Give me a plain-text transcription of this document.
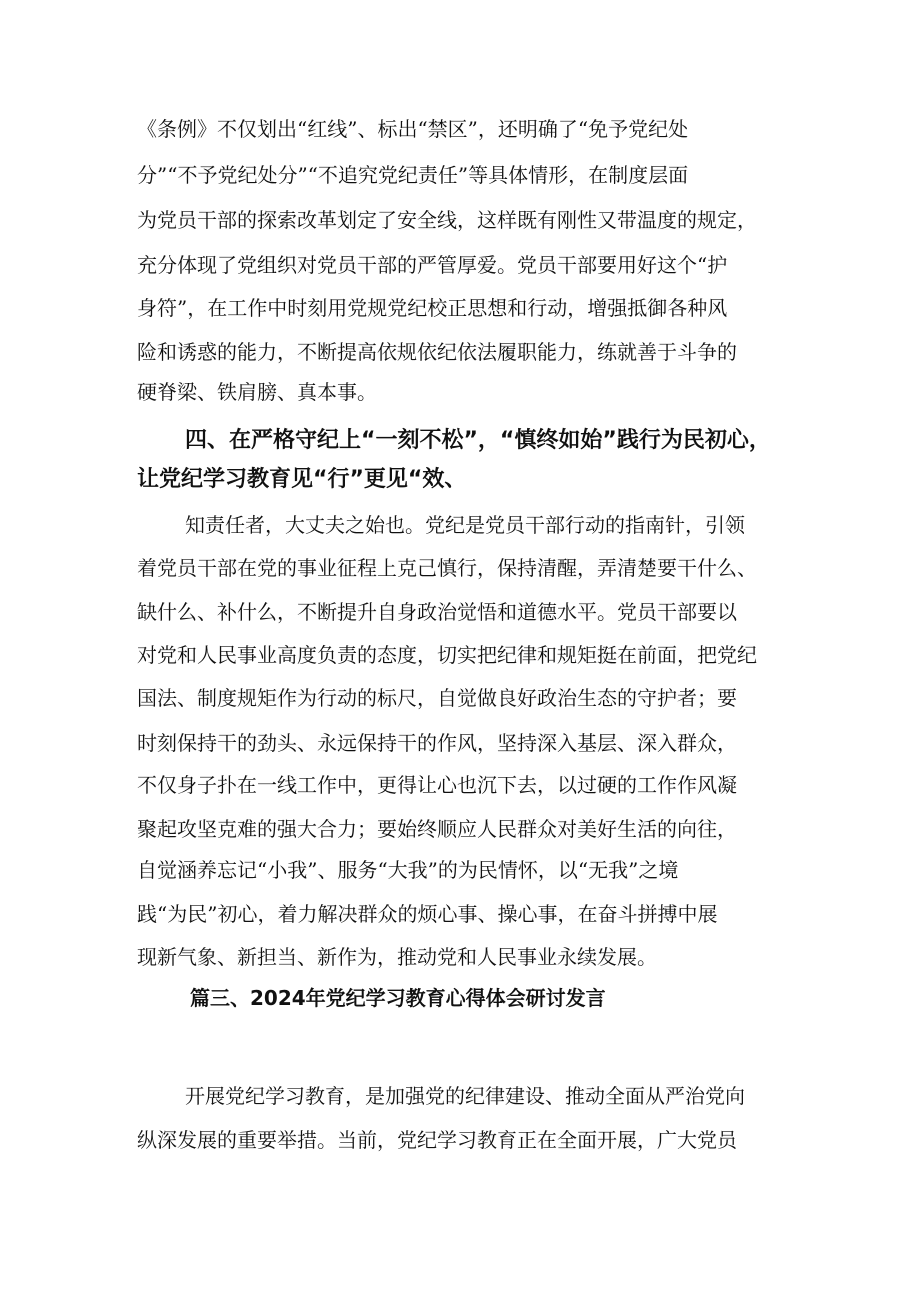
《条例》不仅划出“红线”、标出“禁区”，还明确了“免予党纪处
分”“不予党纪处分”“不追究党纪责任”等具体情形，在制度层面
为党员干部的探索改革划定了安全线，这样既有刚性又带温度的规定，
充分体现了党组织对党员干部的严管厚爱。党员干部要用好这个“护
身符”，在工作中时刻用党规党纪校正思想和行动，增强抵御各种风
险和诱惑的能力，不断提高依规依纪依法履职能力，练就善于斗争的
硬脊梁、铁肩膀、真本事。
四、在严格守纪上“一刻不松”，“慎终如始”践行为民初心，
让党纪学习教育见“行”更见“效、
知责任者，大丈夫之始也。党纪是党员干部行动的指南针，引领
着党员干部在党的事业征程上克己慎行，保持清醒，弄清楚要干什么、
缺什么、补什么，不断提升自身政治觉悟和道德水平。党员干部要以
对党和人民事业高度负责的态度，切实把纪律和规矩挺在前面，把党纪
国法、制度规矩作为行动的标尺，自觉做良好政治生态的守护者；要
时刻保持干的劲头、永远保持干的作风，坚持深入基层、深入群众，
不仅身子扑在一线工作中，更得让心也沉下去，以过硬的工作作风凝
聚起攻坚克难的强大合力；要始终顺应人民群众对美好生活的向往，
自觉涵养忘记“小我”、服务“大我”的为民情怀，以“无我”之境
践“为民”初心，着力解决群众的烦心事、操心事，在奋斗拼搏中展
现新气象、新担当、新作为，推动党和人民事业永续发展。
篇三、2024年党纪学习教育心得体会研讨发言
开展党纪学习教育，是加强党的纪律建设、推动全面从严治党向
纵深发展的重要举措。当前，党纪学习教育正在全面开展，广大党员
